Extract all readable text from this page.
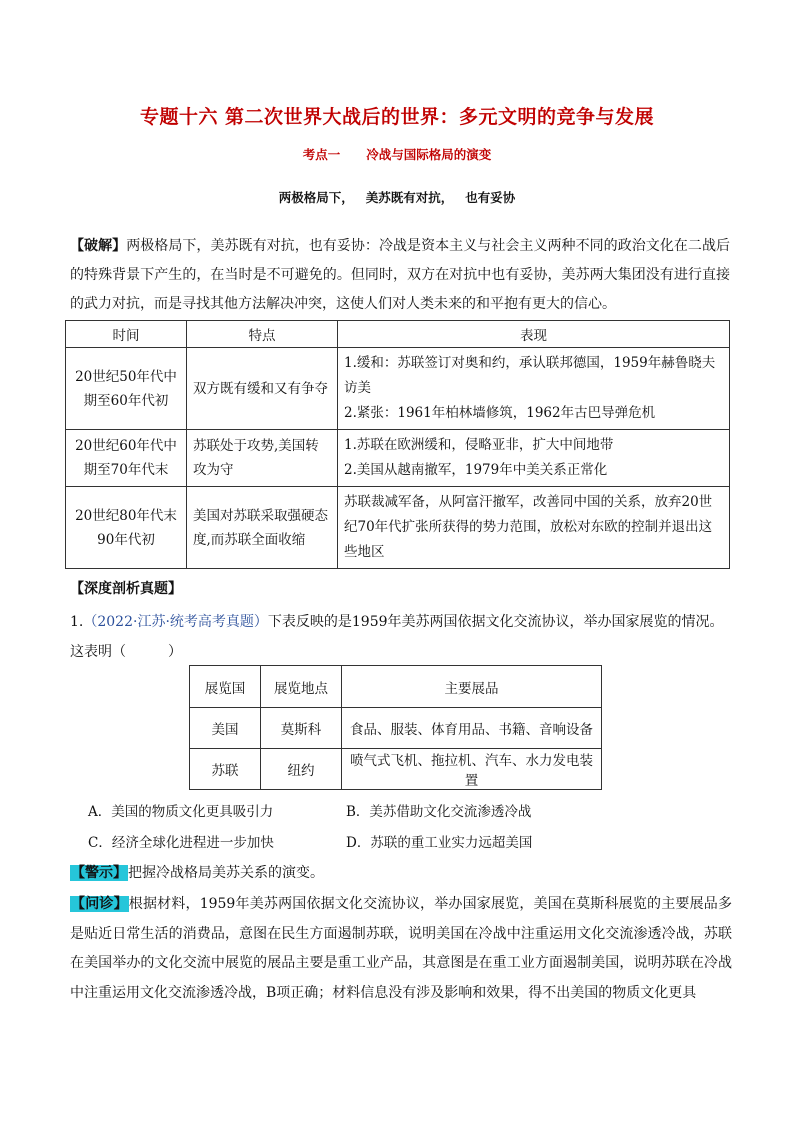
专题十六 第二次世界大战后的世界：多元文明的竞争与发展
考点一 冷战与国际格局的演变
两极格局下， 美苏既有对抗， 也有妥协
【破解】两极格局下，美苏既有对抗，也有妥协：冷战是资本主义与社会主义两种不同的政治文化在二战后的特殊背景下产生的，在当时是不可避免的。但同时，双方在对抗中也有妥协，美苏两大集团没有进行直接的武力对抗，而是寻找其他方法解决冲突，这使人们对人类未来的和平抱有更大的信心。
时间	特点	表现
20世纪50年代中期至60年代初	双方既有缓和又有争夺	1.缓和：苏联签订对奥和约，承认联邦德国，1959年赫鲁晓夫访美
2.紧张：1961年柏林墙修筑，1962年古巴导弹危机

20世纪60年代中期至70年代末	苏联处于攻势,美国转攻为守	1.苏联在欧洲缓和，侵略亚非，扩大中间地带
2.美国从越南撤军，1979年中美关系正常化

20世纪80年代末90年代初	美国对苏联采取强硬态度,而苏联全面收缩	苏联裁减军备，从阿富汗撤军，改善同中国的关系，放弃20世纪70年代扩张所获得的势力范围，放松对东欧的控制并退出这些地区
【深度剖析真题】
1.（2022·江苏·统考高考真题）下表反映的是1959年美苏两国依据文化交流协议，举办国家展览的情况。这表明（　　　）
展览国	展览地点	主要展品
美国	莫斯科	食品、服装、体育用品、书籍、音响设备
苏联	纽约	喷气式飞机、拖拉机、汽车、水力发电装置
A．美国的物质文化更具吸引力	B．美苏借助文化交流渗透冷战
C．经济全球化进程进一步加快	D．苏联的重工业实力远超美国
【警示】把握冷战格局美苏关系的演变。
【问诊】根据材料，1959年美苏两国依据文化交流协议，举办国家展览，美国在莫斯科展览的主要展品多是贴近日常生活的消费品，意图在民生方面遏制苏联，说明美国在冷战中注重运用文化交流渗透冷战，苏联在美国举办的文化交流中展览的展品主要是重工业产品，其意图是在重工业方面遏制美国，说明苏联在冷战中注重运用文化交流渗透冷战，B项正确；材料信息没有涉及影响和效果，得不出美国的物质文化更具
